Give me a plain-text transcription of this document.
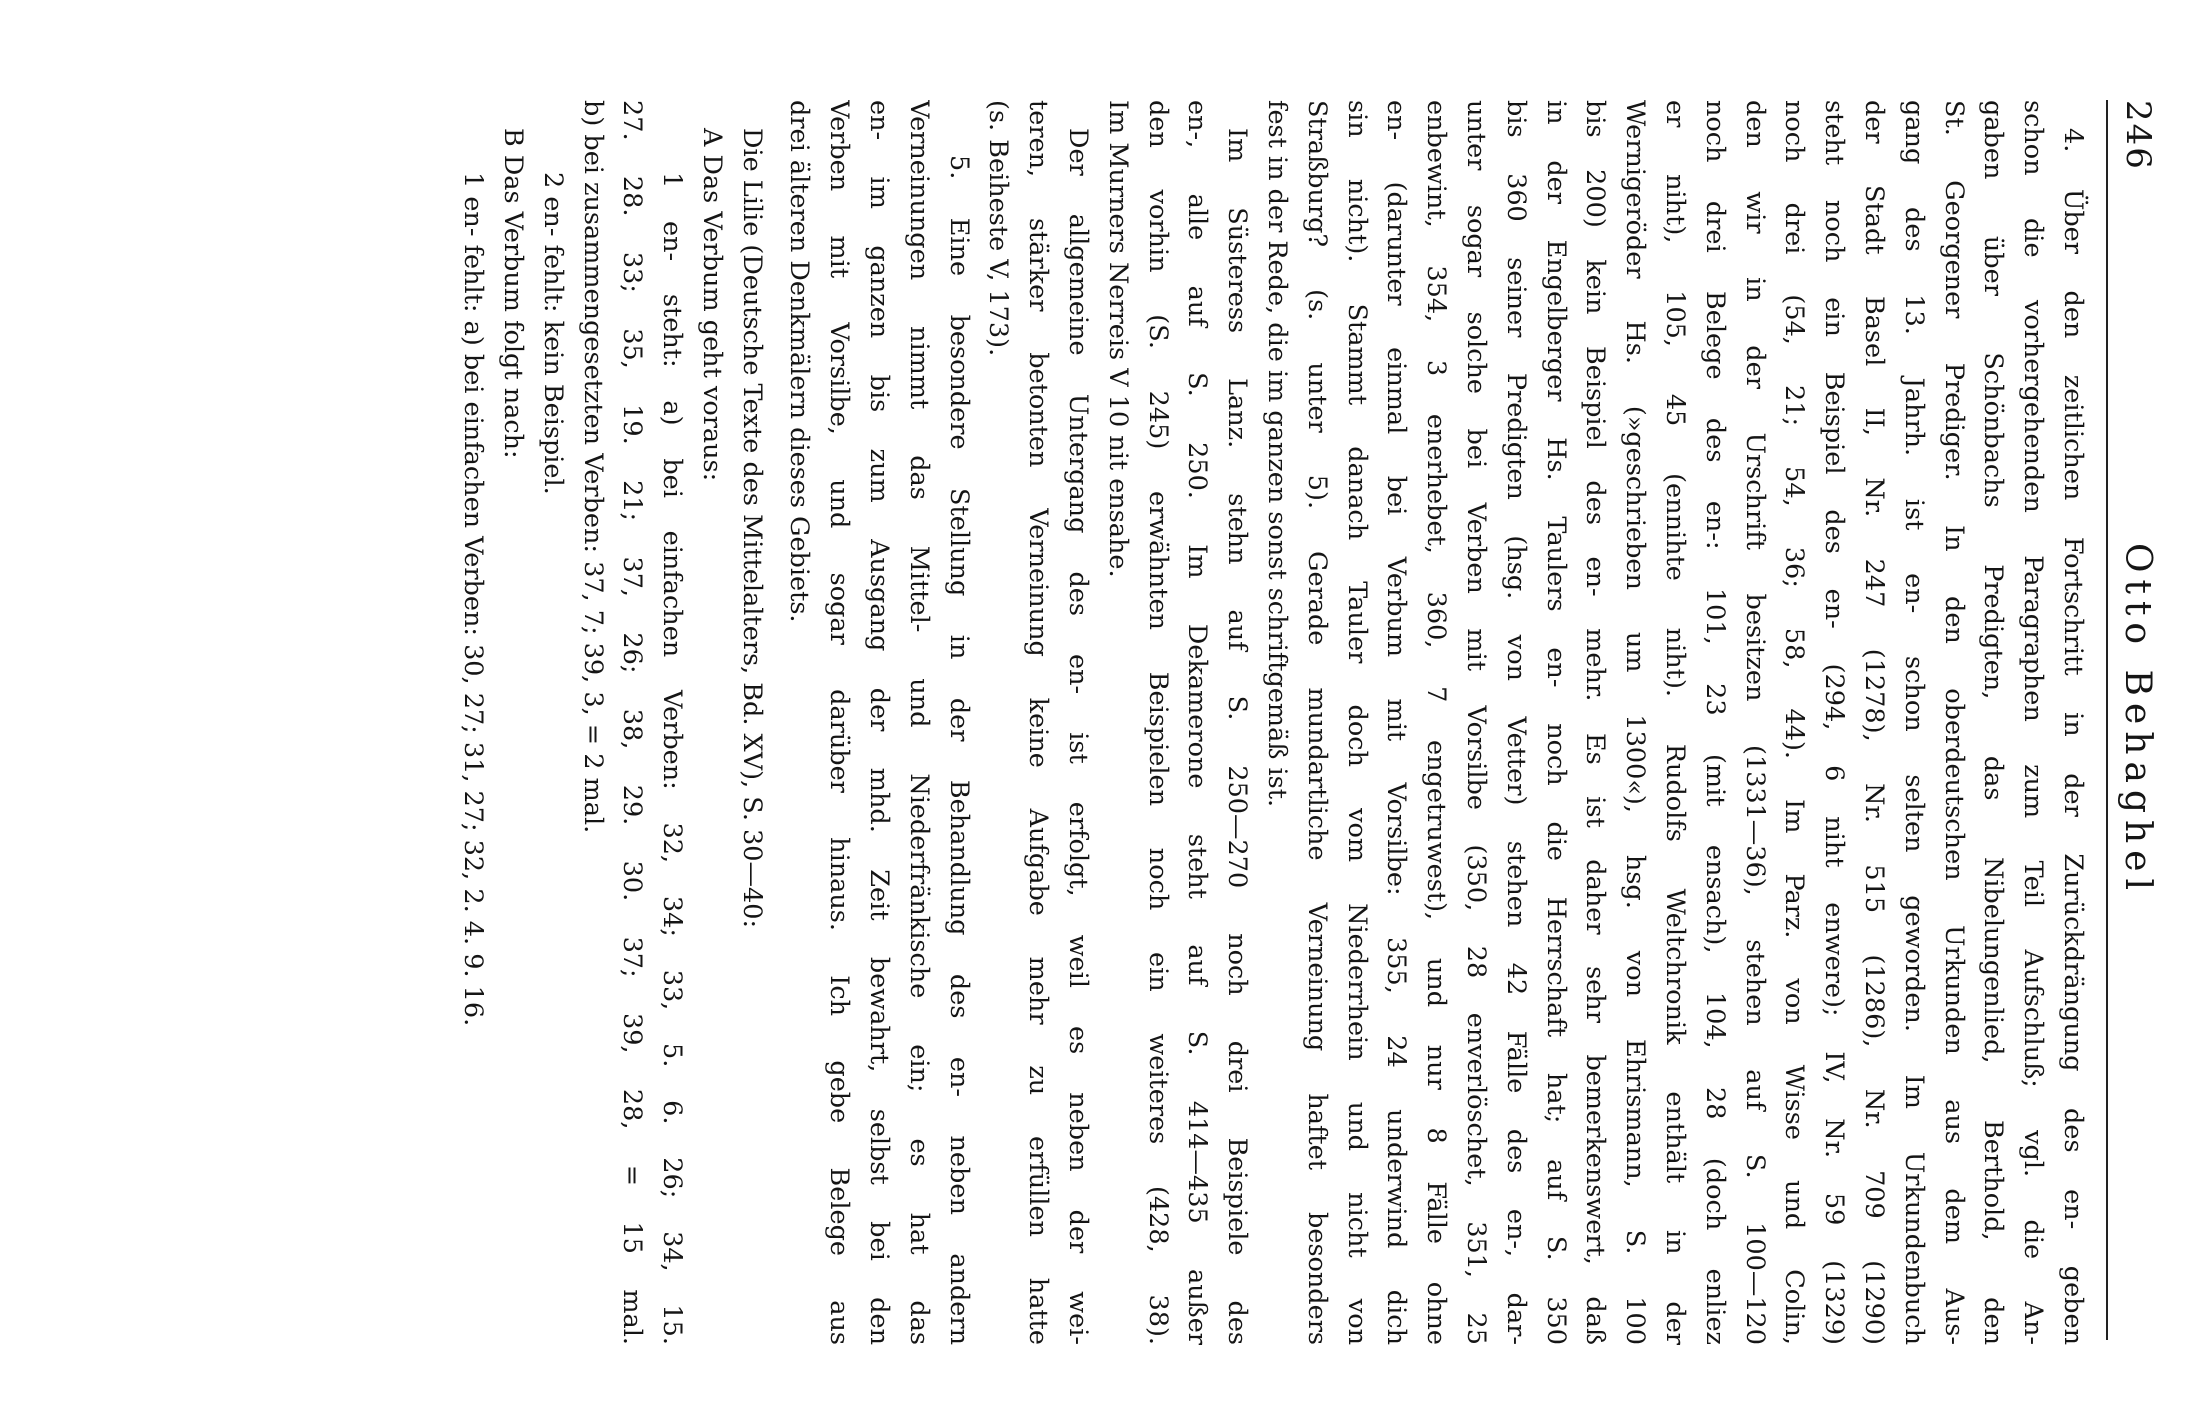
246
Otto Behaghel
4. Über den zeitlichen Fortschritt in der Zurückdrängung des en- geben
schon die vorhergehenden Paragraphen zum Teil Aufschluß; vgl. die An-
gaben über Schönbachs Predigten, das Nibelungenlied, Berthold, den
St. Georgener Prediger. In den oberdeutschen Urkunden aus dem Aus-
gang des 13. Jahrh. ist en- schon selten geworden. Im Urkundenbuch
der Stadt Basel II, Nr. 247 (1278), Nr. 515 (1286), Nr. 709 (1290)
steht noch ein Beispiel des en- (294, 6 niht enwere); IV, Nr. 59 (1329)
noch drei (54, 21; 54, 36; 58, 44). Im Parz. von Wisse und Colin,
den wir in der Urschrift besitzen (1331—36), stehen auf S. 100—120
noch drei Belege des en-: 101, 23 (mit ensach), 104, 28 (doch enliez
er niht), 105, 45 (ennihte niht). Rudolfs Weltchronik enthält in der
Wernigeröder Hs. (»geschrieben um 1300«), hsg. von Ehrismann, S. 100
bis 200) kein Beispiel des en- mehr. Es ist daher sehr bemerkenswert, daß
in der Engelberger Hs. Taulers en- noch die Herrschaft hat; auf S. 350
bis 360 seiner Predigten (hsg. von Vetter) stehen 42 Fälle des en-, dar-
unter sogar solche bei Verben mit Vorsilbe (350, 28 enverlöschet, 351, 25
enbewint, 354, 3 enerhebet, 360, 7 engetruwest), und nur 8 Fälle ohne
en- (darunter einmal bei Verbum mit Vorsilbe: 355, 24 underwind dich
sin nicht). Stammt danach Tauler doch vom Niederrhein und nicht von
Straßburg? (s. unter 5). Gerade mundartliche Verneinung haftet besonders
fest in der Rede, die im ganzen sonst schriftgemäß ist.
Im Süsteress Lanz. stehn auf S. 250—270 noch drei Beispiele des
en-, alle auf S. 250. Im Dekamerone steht auf S. 414—435 außer
den vorhin (S. 245) erwähnten Beispielen noch ein weiteres (428, 38).
Im Murners Nerreis V 10 nit ensahe.
Der allgemeine Untergang des en- ist erfolgt, weil es neben der wei-
teren, stärker betonten Verneinung keine Aufgabe mehr zu erfüllen hatte
(s. Beiheste V, 173).
5. Eine besondere Stellung in der Behandlung des en- neben andern
Verneinungen nimmt das Mittel- und Niederfränkische ein; es hat das
en- im ganzen bis zum Ausgang der mhd. Zeit bewahrt, selbst bei den
Verben mit Vorsilbe, und sogar darüber hinaus. Ich gebe Belege aus
drei älteren Denkmälern dieses Gebiets.
Die Lilie (Deutsche Texte des Mittelalters, Bd. XV), S. 30—40:
A Das Verbum geht voraus:
1 en- steht: a) bei einfachen Verben: 32, 34; 33, 5. 6. 26; 34, 15.
27. 28. 33; 35, 19. 21; 37, 26; 38, 29. 30. 37; 39, 28, = 15 mal.
b) bei zusammengesetzten Verben: 37, 7; 39, 3, = 2 mal.
2 en- fehlt: kein Beispiel.
B Das Verbum folgt nach:
1 en- fehlt: a) bei einfachen Verben: 30, 27; 31, 27; 32, 2. 4. 9. 16.
